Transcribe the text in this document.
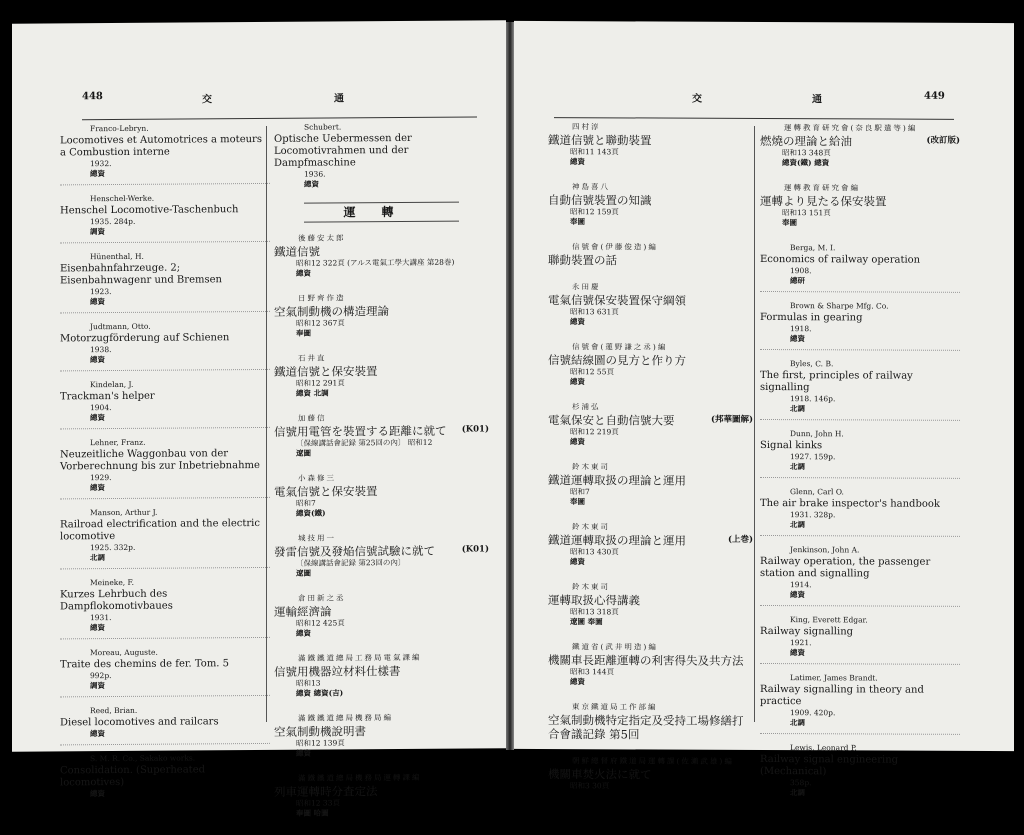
448	交	通
Franco-Lebryn.
Locomotives et Automotrices a moteurs a Combustion interne
1932.
總資
Henschel-Werke.
Henschel Locomotive-Taschenbuch
1935. 284p.
調資
Hünenthal, H.
Eisenbahnfahrzeuge. 2; Eisenbahnwagenr und Bremsen
1923.
總資
Judtmann, Otto.
Motorzugförderung auf Schienen
1938.
總資
Kindelan, J.
Trackman's helper
1904.
總資
Lehner, Franz.
Neuzeitliche Waggonbau von der Vorberechnung bis zur Inbetriebnahme
1929.
總資
Manson, Arthur J.
Railroad electrification and the electric locomotive
1925. 332p.
北調
Meineke, F.
Kurzes Lehrbuch des Dampflokomotivbaues
1931.
總資
Moreau, Auguste.
Traite des chemins de fer. Tom. 5
992p.
調資
Reed, Brian.
Diesel locomotives and railcars
總資
S. M. R. Co., Sakako works.
Consolidation. (Superheated locomotives)
總資
Schubert.
Optische Uebermessen der Locomotivrahmen und der Dampfmaschine
1936.
總資
運轉
後藤安太郎
鐵道信號
昭和12 322頁 (アルス電氣工學大講座 第28巻)
總資
日野齊作造
空氣制動機の構造理論
昭和12 367頁
奉圖
石井直
鐵道信號と保安裝置
昭和12 291頁
總資 北調
加藤信
(K01)
信號用電管を裝置する距離に就て
〔保線講話會記録 第25回の內〕 昭和12
遼圖
小森修三
電氣信號と保安裝置
昭和7
總資(鐵)
城技用一
(K01)
發雷信號及發焔信號試驗に就て
〔保線講話會記録 第23回の內〕
遼圖
倉田新之丞
運輸經濟論
昭和12 425頁
總資
滿鐵鐵道總局工務局電氣課編
信號用機器竝材料仕樣書
昭和13
總資 總資(吉)
滿鐵鐵道總局機務局編
空氣制動機說明書
昭和12 139頁
總資
滿鐵鐵道總局機務局運轉課編
列車運轉時分査定法
昭和12 33頁
奉圖 哈圖
交	通	449
四村淳
鐵道信號と聯動裝置
昭和11 143頁
總資
神島喜八
自動信號裝置の知識
昭和12 159頁
奉圖
信號會(伊藤俊造)編
聯動裝置の話
永田慶
電氣信號保安裝置保守綱領
昭和13 631頁
總資
信號會(蓮野謙之丞)編
信號結線圖の見方と作り方
昭和12 55頁
總資
杉浦弘
(邦華圖解)
電氣保安と自動信號大要
昭和12 219頁
總資
鈴木東司
鐵道運轉取扱の理論と運用
昭和7
奉圖
鈴木東司
(上巻)
鐵道運轉取扱の理論と運用
昭和13 430頁
總資
鈴木東司
運轉取扱心得講義
昭和13 318頁
遼圖 奉圖
鐵道省(武井明造)編
機關車長距離運轉の利害得失及共方法
昭和3 144頁
總資
東京鐵道局工作部編
空氣制動機特定指定及受持工場修繕打合會議記錄 第5回
朝鮮總督府鐵道局運轉課(佐瀨武雄)編
機關車焚火法に就て
昭和3 30頁
運轉教育研究會(奈良駅遣等)編
(改訂版)
燃燒の理論と給油
昭和13 348頁
總資(鐵) 總資
運轉教育研究會編
運轉より見たる保安裝置
昭和13 151頁
奉圖
Berga, M. I.
Economics of railway operation
1908.
總研
Brown & Sharpe Mfg. Co.
Formulas in gearing
1918.
總資
Byles, C. B.
The first, principles of railway signalling
1918. 146p.
北調
Dunn, John H.
Signal kinks
1927. 159p.
北調
Glenn, Carl O.
The air brake inspector's handbook
1931. 328p.
北調
Jenkinson, John A.
Railway operation, the passenger station and signalling
1914.
總資
King, Everett Edgar.
Railway signalling
1921.
總資
Latimer, James Brandt.
Railway signalling in theory and practice
1909. 420p.
北調
Lewis, Leonard P.
Railway signal engineering (Mechanical)
358p.
北調
